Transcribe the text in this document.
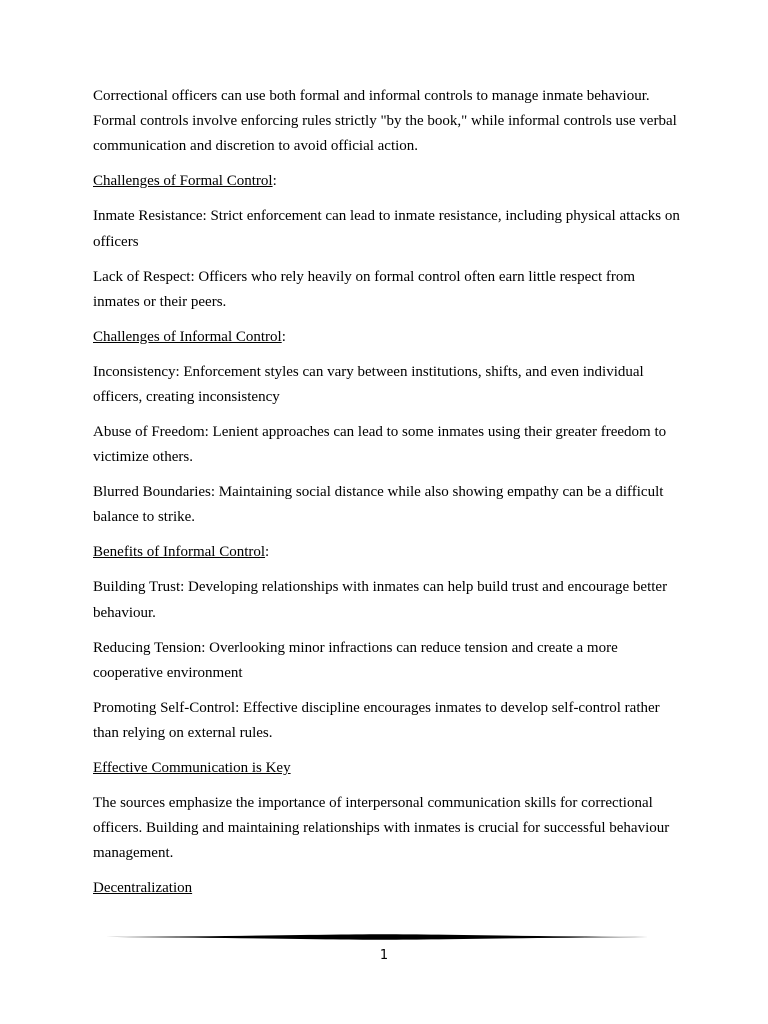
Correctional officers can use both formal and informal controls to manage inmate behaviour. Formal controls involve enforcing rules strictly "by the book," while informal controls use verbal communication and discretion to avoid official action.

Challenges of Formal Control:

Inmate Resistance: Strict enforcement can lead to inmate resistance, including physical attacks on officers

Lack of Respect: Officers who rely heavily on formal control often earn little respect from inmates or their peers.

Challenges of Informal Control:

Inconsistency: Enforcement styles can vary between institutions, shifts, and even individual officers, creating inconsistency

Abuse of Freedom: Lenient approaches can lead to some inmates using their greater freedom to victimize others.

Blurred Boundaries: Maintaining social distance while also showing empathy can be a difficult balance to strike.

Benefits of Informal Control:

Building Trust: Developing relationships with inmates can help build trust and encourage better behaviour.

Reducing Tension: Overlooking minor infractions can reduce tension and create a more cooperative environment

Promoting Self-Control: Effective discipline encourages inmates to develop self-control rather than relying on external rules.

Effective Communication is Key

The sources emphasize the importance of interpersonal communication skills for correctional officers. Building and maintaining relationships with inmates is crucial for successful behaviour management.

Decentralization

1
